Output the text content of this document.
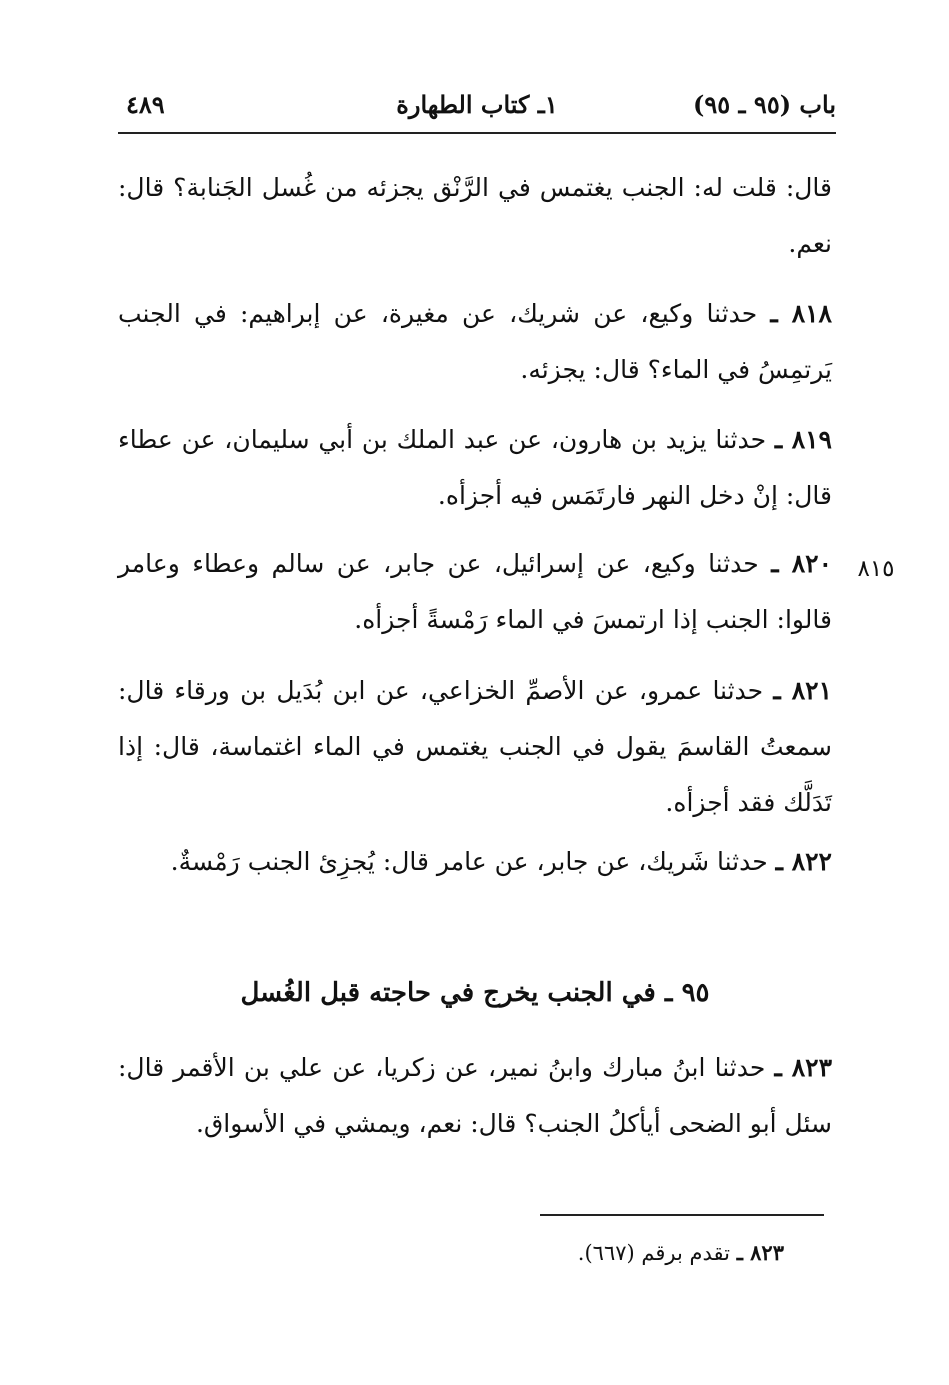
باب (٩٥ ـ ٩٥)
١ـ كتاب الطهارة
٤٨٩
قال: قلت له: الجنب يغتمس في الرَّنْق يجزئه من غُسل الجَنابة؟ قال: نعم.
٨١٨ ـ حدثنا وكيع، عن شريك، عن مغيرة، عن إبراهيم: في الجنب يَرتمِسُ في الماء؟ قال: يجزئه.
٨١٩ ـ حدثنا يزيد بن هارون، عن عبد الملك بن أبي سليمان، عن عطاء قال: إنْ دخل النهر فارتَمَس فيه أجزأه.
٨١٥
٨٢٠ ـ حدثنا وكيع، عن إسرائيل، عن جابر، عن سالم وعطاء وعامر قالوا: الجنب إذا ارتمسَ في الماء رَمْسةً أجزأه.
٨٢١ ـ حدثنا عمرو، عن الأصمِّ الخزاعي، عن ابن بُدَيل بن ورقاء قال: سمعتُ القاسمَ يقول في الجنب يغتمس في الماء اغتماسة، قال: إذا تَدَلَّك فقد أجزأه.
٨٢٢ ـ حدثنا شَريك، عن جابر، عن عامر قال: يُجزِئ الجنب رَمْسةٌ.
٩٥ ـ في الجنب يخرج في حاجته قبل الغُسل
٨٢٣ ـ حدثنا ابنُ مبارك وابنُ نمير، عن زكريا، عن علي بن الأقمر قال: سئل أبو الضحى أيأكلُ الجنب؟ قال: نعم، ويمشي في الأسواق.
٨٢٣ ـ تقدم برقم (٦٦٧).
